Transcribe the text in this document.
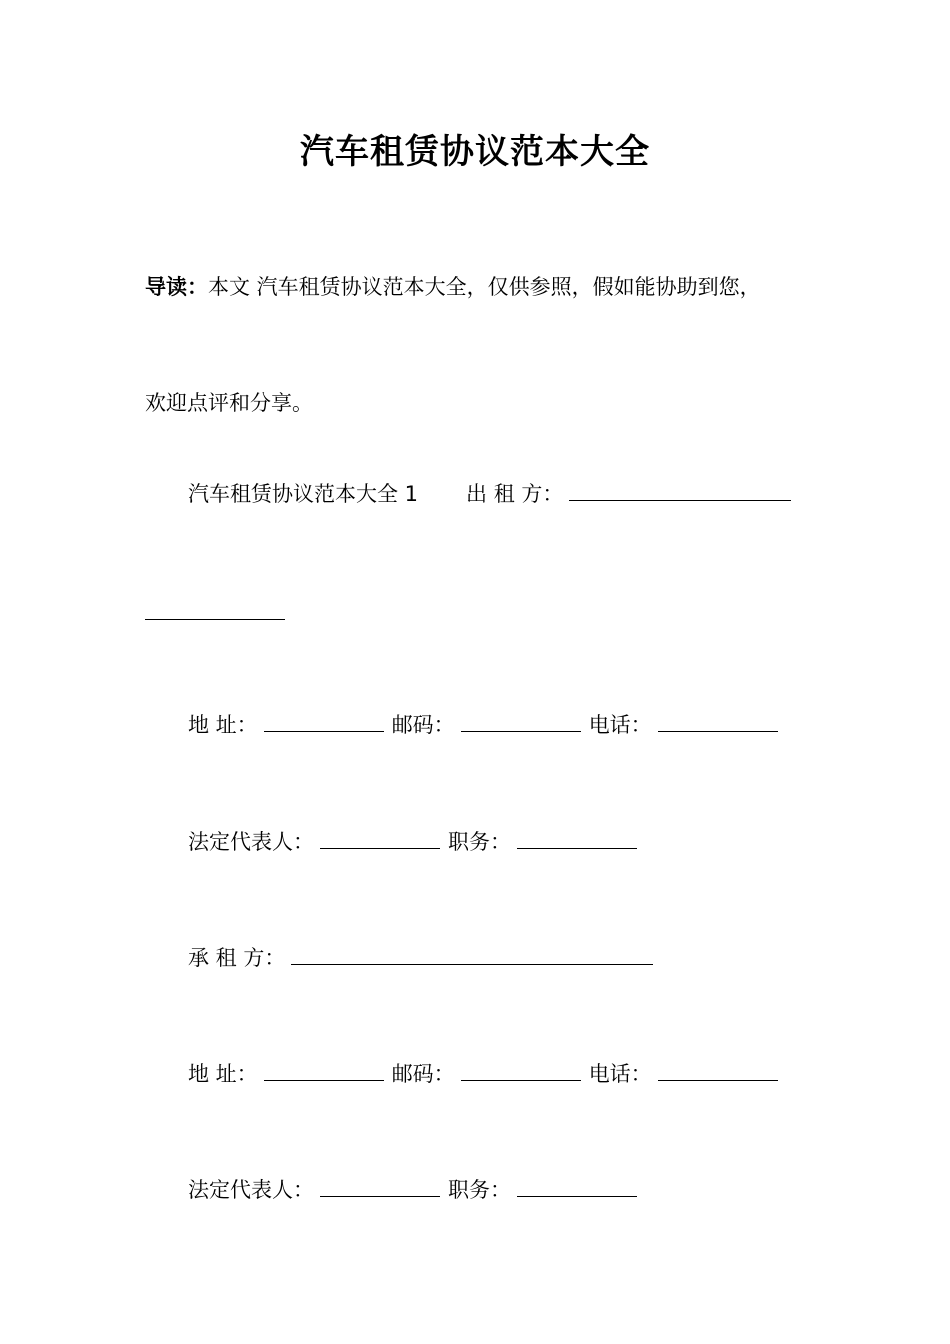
汽车租赁协议范本大全
导读：本文 汽车租赁协议范本大全，仅供参照，假如能协助到您，
欢迎点评和分享。
汽车租赁协议范本大全 1 出 租 方：
地 址：	邮码：	电话：
法定代表人：	职务：
承 租 方：
地 址：	邮码：	电话：
法定代表人：	职务：
